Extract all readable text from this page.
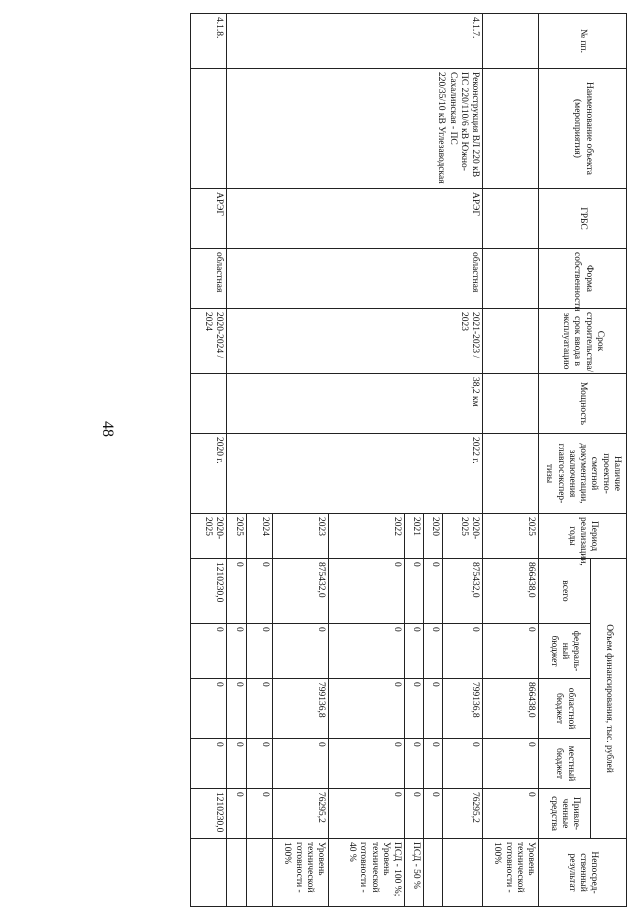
48
№ пп.	Наименование объекта (мероприятия)	ГРБС	Форма собственности	Срок строительства/ срок ввода в эксплуатацию	Мощность	Наличие проектно-сметной документации, заключения главгосэкспер-тизы	Период реализации, годы	Объем финансирования, тыс. рублей					Непосред-ственный результат
								всего	федераль-ный бюджет	областной бюджет	местный бюджет	Привле-ченные средства	
							2025	866438,0	0	866438,0	0	0	Уровень технической готовности - 100%
4.1.7.	Реконструкция ВЛ 220 кВ ПС 220/110/6 кВ Южно-Сахалинская - ПС 220/35/10 кВ Углезаводская	АРЭГ	областная	2021-2023 / 2023	38,2 км	2022 г.	2020-2025	875432,0	0	799136,8	0	76295,2	
							2020	0	0	0	0	0	
							2021	0	0	0	0	0	ПСД - 50 %
							2022	0	0	0	0	0	ПСД - 100 %; Уровень технической готовности - 40 %
							2023	875432,0	0	799136,8	0	76295,2	Уровень технической готовности - 100%
							2024	0	0	0	0	0	
							2025	0	0	0	0	0	
4.1.8.		АРЭГ	областная	2020-2024 / 2024		2020 г.	2020-2025	1210230,0	0	0	0	1210230,0	
